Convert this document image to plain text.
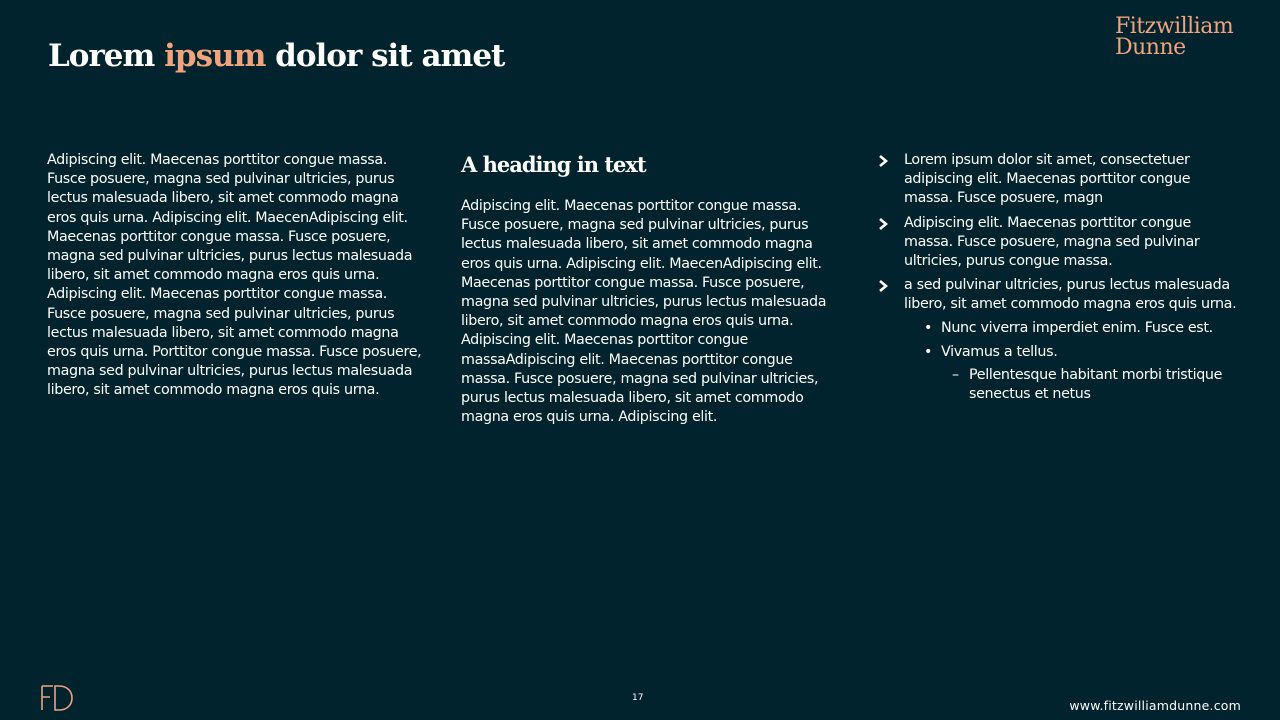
Lorem ipsum dolor sit amet
Fitzwilliam
Dunne

Adipiscing elit. Maecenas porttitor congue massa. Fusce posuere, magna sed pulvinar ultricies, purus lectus malesuada libero, sit amet commodo magna eros quis urna. Adipiscing elit. MaecenAdipiscing elit. Maecenas porttitor congue massa. Fusce posuere, magna sed pulvinar ultricies, purus lectus malesuada libero, sit amet commodo magna eros quis urna. Adipiscing elit. Maecenas porttitor congue massa. Fusce posuere, magna sed pulvinar ultricies, purus lectus malesuada libero, sit amet commodo magna eros quis urna. Porttitor congue massa. Fusce posuere, magna sed pulvinar ultricies, purus lectus malesuada libero, sit amet commodo magna eros quis urna.

A heading in text

Adipiscing elit. Maecenas porttitor congue massa. Fusce posuere, magna sed pulvinar ultricies, purus lectus malesuada libero, sit amet commodo magna eros quis urna. Adipiscing elit. MaecenAdipiscing elit. Maecenas porttitor congue massa. Fusce posuere, magna sed pulvinar ultricies, purus lectus malesuada libero, sit amet commodo magna eros quis urna. Adipiscing elit. Maecenas porttitor congue massaAdipiscing elit. Maecenas porttitor congue massa. Fusce posuere, magna sed pulvinar ultricies, purus lectus malesuada libero, sit amet commodo magna eros quis urna. Adipiscing elit.

Lorem ipsum dolor sit amet, consectetuer adipiscing elit. Maecenas porttitor congue massa. Fusce posuere, magn
Adipiscing elit. Maecenas porttitor congue massa. Fusce posuere, magna sed pulvinar ultricies, purus congue massa.
a sed pulvinar ultricies, purus lectus malesuada libero, sit amet commodo magna eros quis urna.
• Nunc viverra imperdiet enim. Fusce est.
• Vivamus a tellus.
– Pellentesque habitant morbi tristique senectus et netus
17	www.fitzwilliamdunne.com
